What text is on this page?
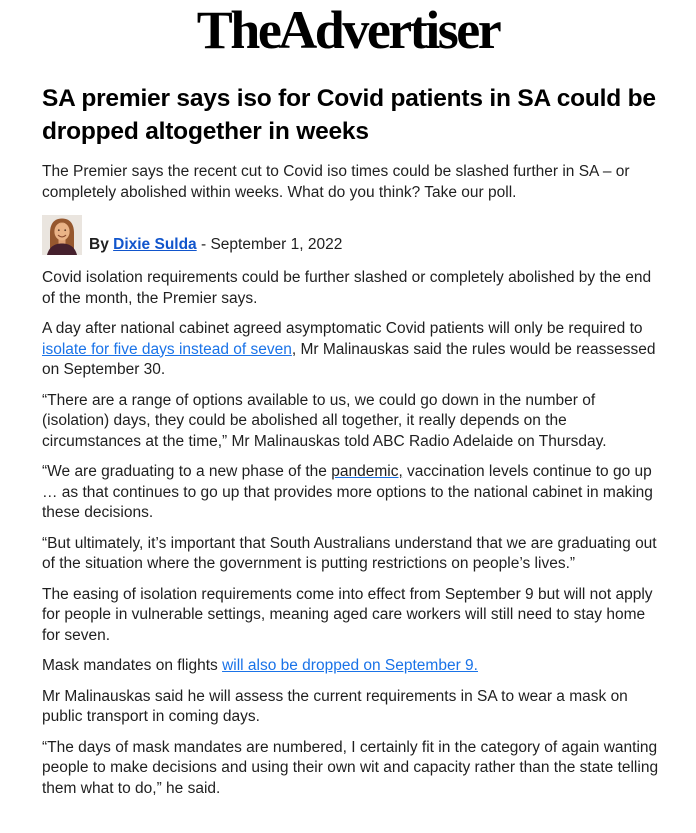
The Advertiser
SA premier says iso for Covid patients in SA could be dropped altogether in weeks

The Premier says the recent cut to Covid iso times could be slashed further in SA – or completely abolished within weeks. What do you think? Take our poll.

By Dixie Sulda - September 1, 2022

Covid isolation requirements could be further slashed or completely abolished by the end of the month, the Premier says.

A day after national cabinet agreed asymptomatic Covid patients will only be required to isolate for five days instead of seven, Mr Malinauskas said the rules would be reassessed on September 30.

“There are a range of options available to us, we could go down in the number of (isolation) days, they could be abolished all together, it really depends on the circumstances at the time,” Mr Malinauskas told ABC Radio Adelaide on Thursday.

“We are graduating to a new phase of the pandemic, vaccination levels continue to go up … as that continues to go up that provides more options to the national cabinet in making these decisions.

“But ultimately, it’s important that South Australians understand that we are graduating out of the situation where the government is putting restrictions on people’s lives.”

The easing of isolation requirements come into effect from September 9 but will not apply for people in vulnerable settings, meaning aged care workers will still need to stay home for seven.

Mask mandates on flights will also be dropped on September 9.

Mr Malinauskas said he will assess the current requirements in SA to wear a mask on public transport in coming days.

“The days of mask mandates are numbered, I certainly fit in the category of again wanting people to make decisions and using their own wit and capacity rather than the state telling them what to do,” he said.
